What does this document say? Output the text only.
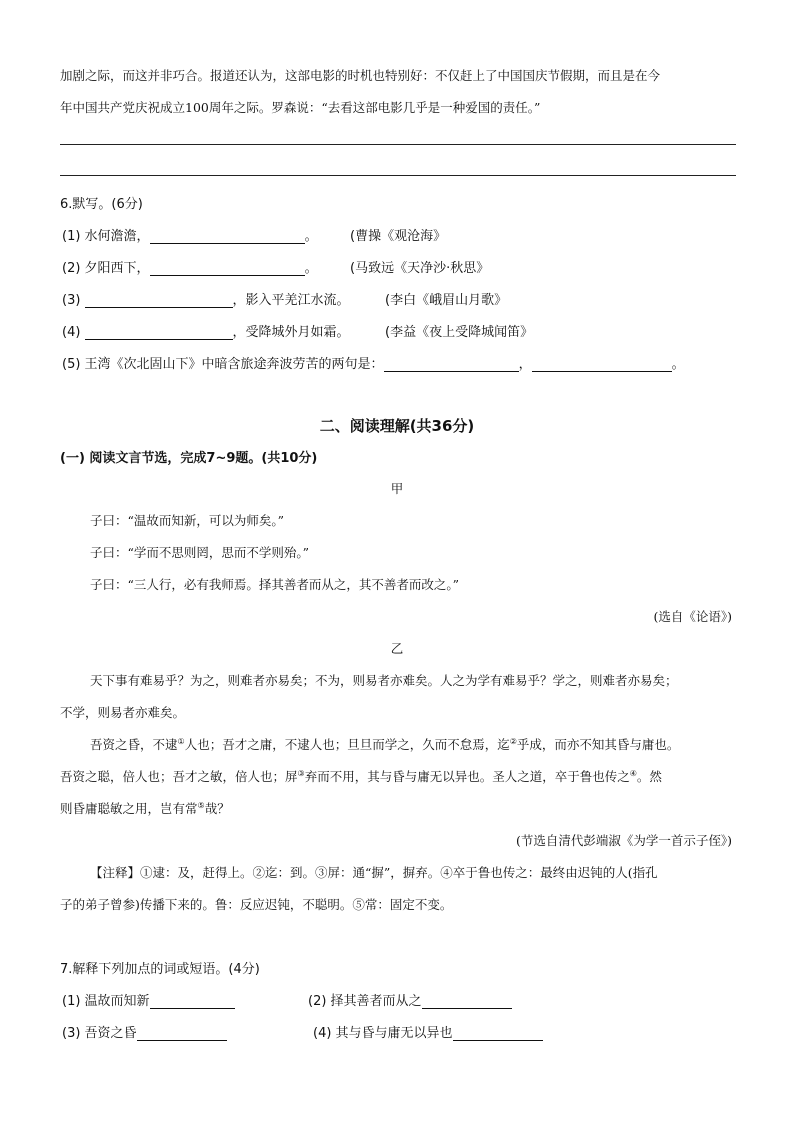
加剧之际，而这并非巧合。报道还认为，这部电影的时机也特别好：不仅赶上了中国国庆节假期，而且是在今
年中国共产党庆祝成立100周年之际。罗森说：“去看这部电影几乎是一种爱国的责任。”
6.默写。(6分)
(1) 水何澹澹，	。 (曹操《观沧海》
(2) 夕阳西下，	。 (马致远《天净沙·秋思》
(3)	，影入平羌江水流。	(李白《峨眉山月歌》
(4)	，受降城外月如霜。	(李益《夜上受降城闻笛》
(5) 王湾《次北固山下》中暗含旅途奔波劳苦的两句是：	，	。
二、阅读理解(共36分)
(一) 阅读文言节选，完成7~9题。(共10分)
甲
子曰：“温故而知新，可以为师矣。”
子曰：“学而不思则罔，思而不学则殆。”
子曰：“三人行，必有我师焉。择其善者而从之，其不善者而改之。”
(选自《论语》)
乙
天下事有难易乎？为之，则难者亦易矣；不为，则易者亦难矣。人之为学有难易乎？学之，则难者亦易矣；
不学，则易者亦难矣。
吾资之昏，不逮①人也；吾才之庸，不逮人也；旦旦而学之，久而不怠焉，迄②乎成，而亦不知其昏与庸也。
吾资之聪，倍人也；吾才之敏，倍人也；屏③弃而不用，其与昏与庸无以异也。圣人之道，卒于鲁也传之④。然
则昏庸聪敏之用，岂有常⑤哉？
(节选自清代彭端淑《为学一首示子侄》)
【注释】①逮：及，赶得上。②迄：到。③屏：通“摒”，摒弃。④卒于鲁也传之：最终由迟钝的人(指孔
子的弟子曾参)传播下来的。鲁：反应迟钝，不聪明。⑤常：固定不变。
7.解释下列加点的词或短语。(4分)
(1) 温故而知新	(2) 择其善者而从之
(3) 吾资之昏	(4) 其与昏与庸无以异也
